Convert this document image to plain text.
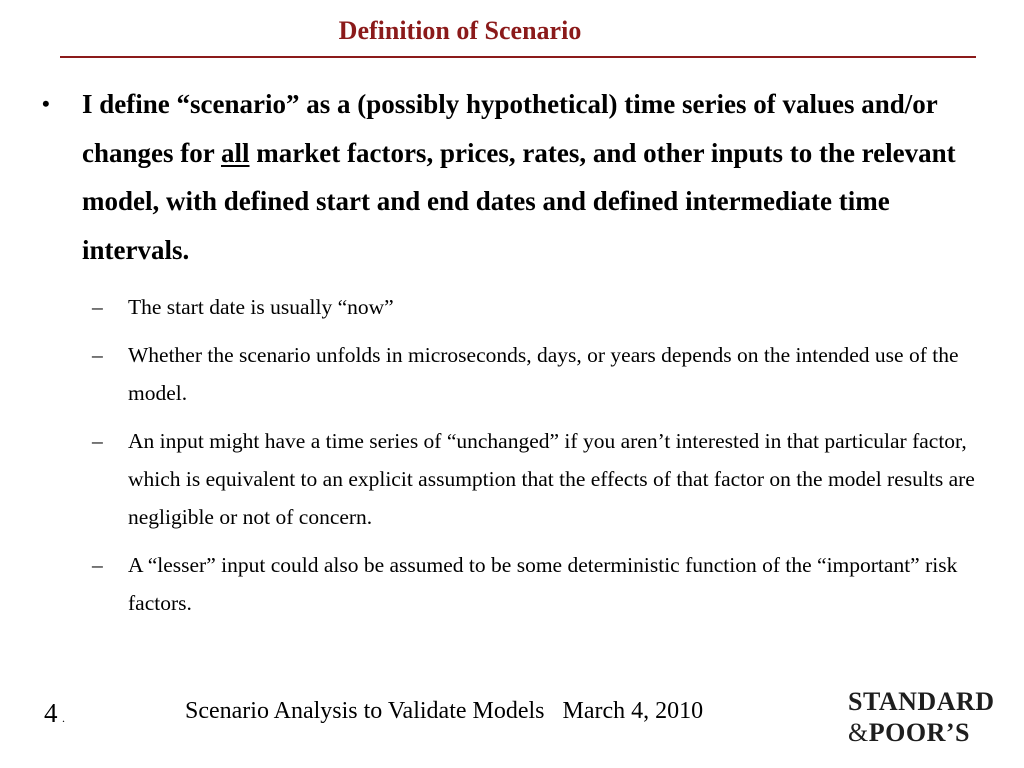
Definition of Scenario
•	I define “scenario” as a (possibly hypothetical) time series of values and/or changes for all market factors, prices, rates, and other inputs to the relevant model, with defined start and end dates and defined intermediate time intervals.
–	The start date is usually “now”
–	Whether the scenario unfolds in microseconds, days, or years depends on the intended use of the model.
–	An input might have a time series of “unchanged” if you aren’t interested in that particular factor, which is equivalent to an explicit assumption that the effects of that factor on the model results are negligible or not of concern.
–	A “lesser” input could also be assumed to be some deterministic function of the “important” risk factors.
4 .	Scenario Analysis to Validate Models March 4, 2010	STANDARD
&POOR’S
